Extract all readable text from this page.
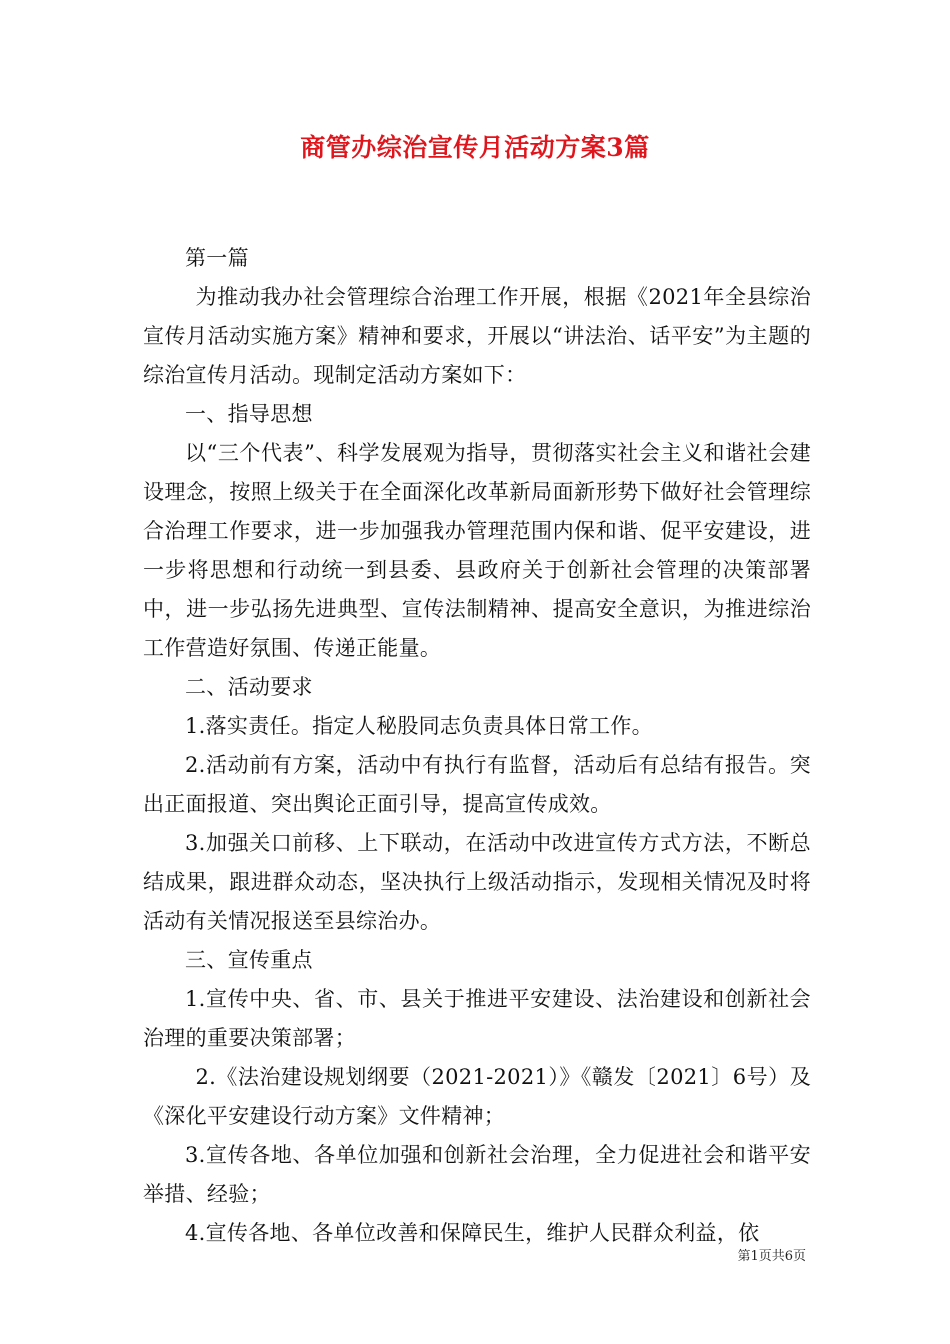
商管办综治宣传月活动方案3篇

第一篇

为推动我办社会管理综合治理工作开展，根据《2021年全县综治宣传月活动实施方案》精神和要求，开展以“讲法治、话平安”为主题的综治宣传月活动。现制定活动方案如下：

一、指导思想

以“三个代表”、科学发展观为指导，贯彻落实社会主义和谐社会建设理念，按照上级关于在全面深化改革新局面新形势下做好社会管理综合治理工作要求，进一步加强我办管理范围内保和谐、促平安建设，进一步将思想和行动统一到县委、县政府关于创新社会管理的决策部署中，进一步弘扬先进典型、宣传法制精神、提高安全意识，为推进综治工作营造好氛围、传递正能量。

二、活动要求

1.落实责任。指定人秘股同志负责具体日常工作。

2.活动前有方案，活动中有执行有监督，活动后有总结有报告。突出正面报道、突出舆论正面引导，提高宣传成效。

3.加强关口前移、上下联动，在活动中改进宣传方式方法，不断总结成果，跟进群众动态，坚决执行上级活动指示，发现相关情况及时将活动有关情况报送至县综治办。

三、宣传重点

1.宣传中央、省、市、县关于推进平安建设、法治建设和创新社会治理的重要决策部署；

2.《法治建设规划纲要（2021-2021）》《赣发〔2021〕6号）及《深化平安建设行动方案》文件精神；

3.宣传各地、各单位加强和创新社会治理，全力促进社会和谐平安举措、经验；

4.宣传各地、各单位改善和保障民生，维护人民群众利益，依

第1页共6页
